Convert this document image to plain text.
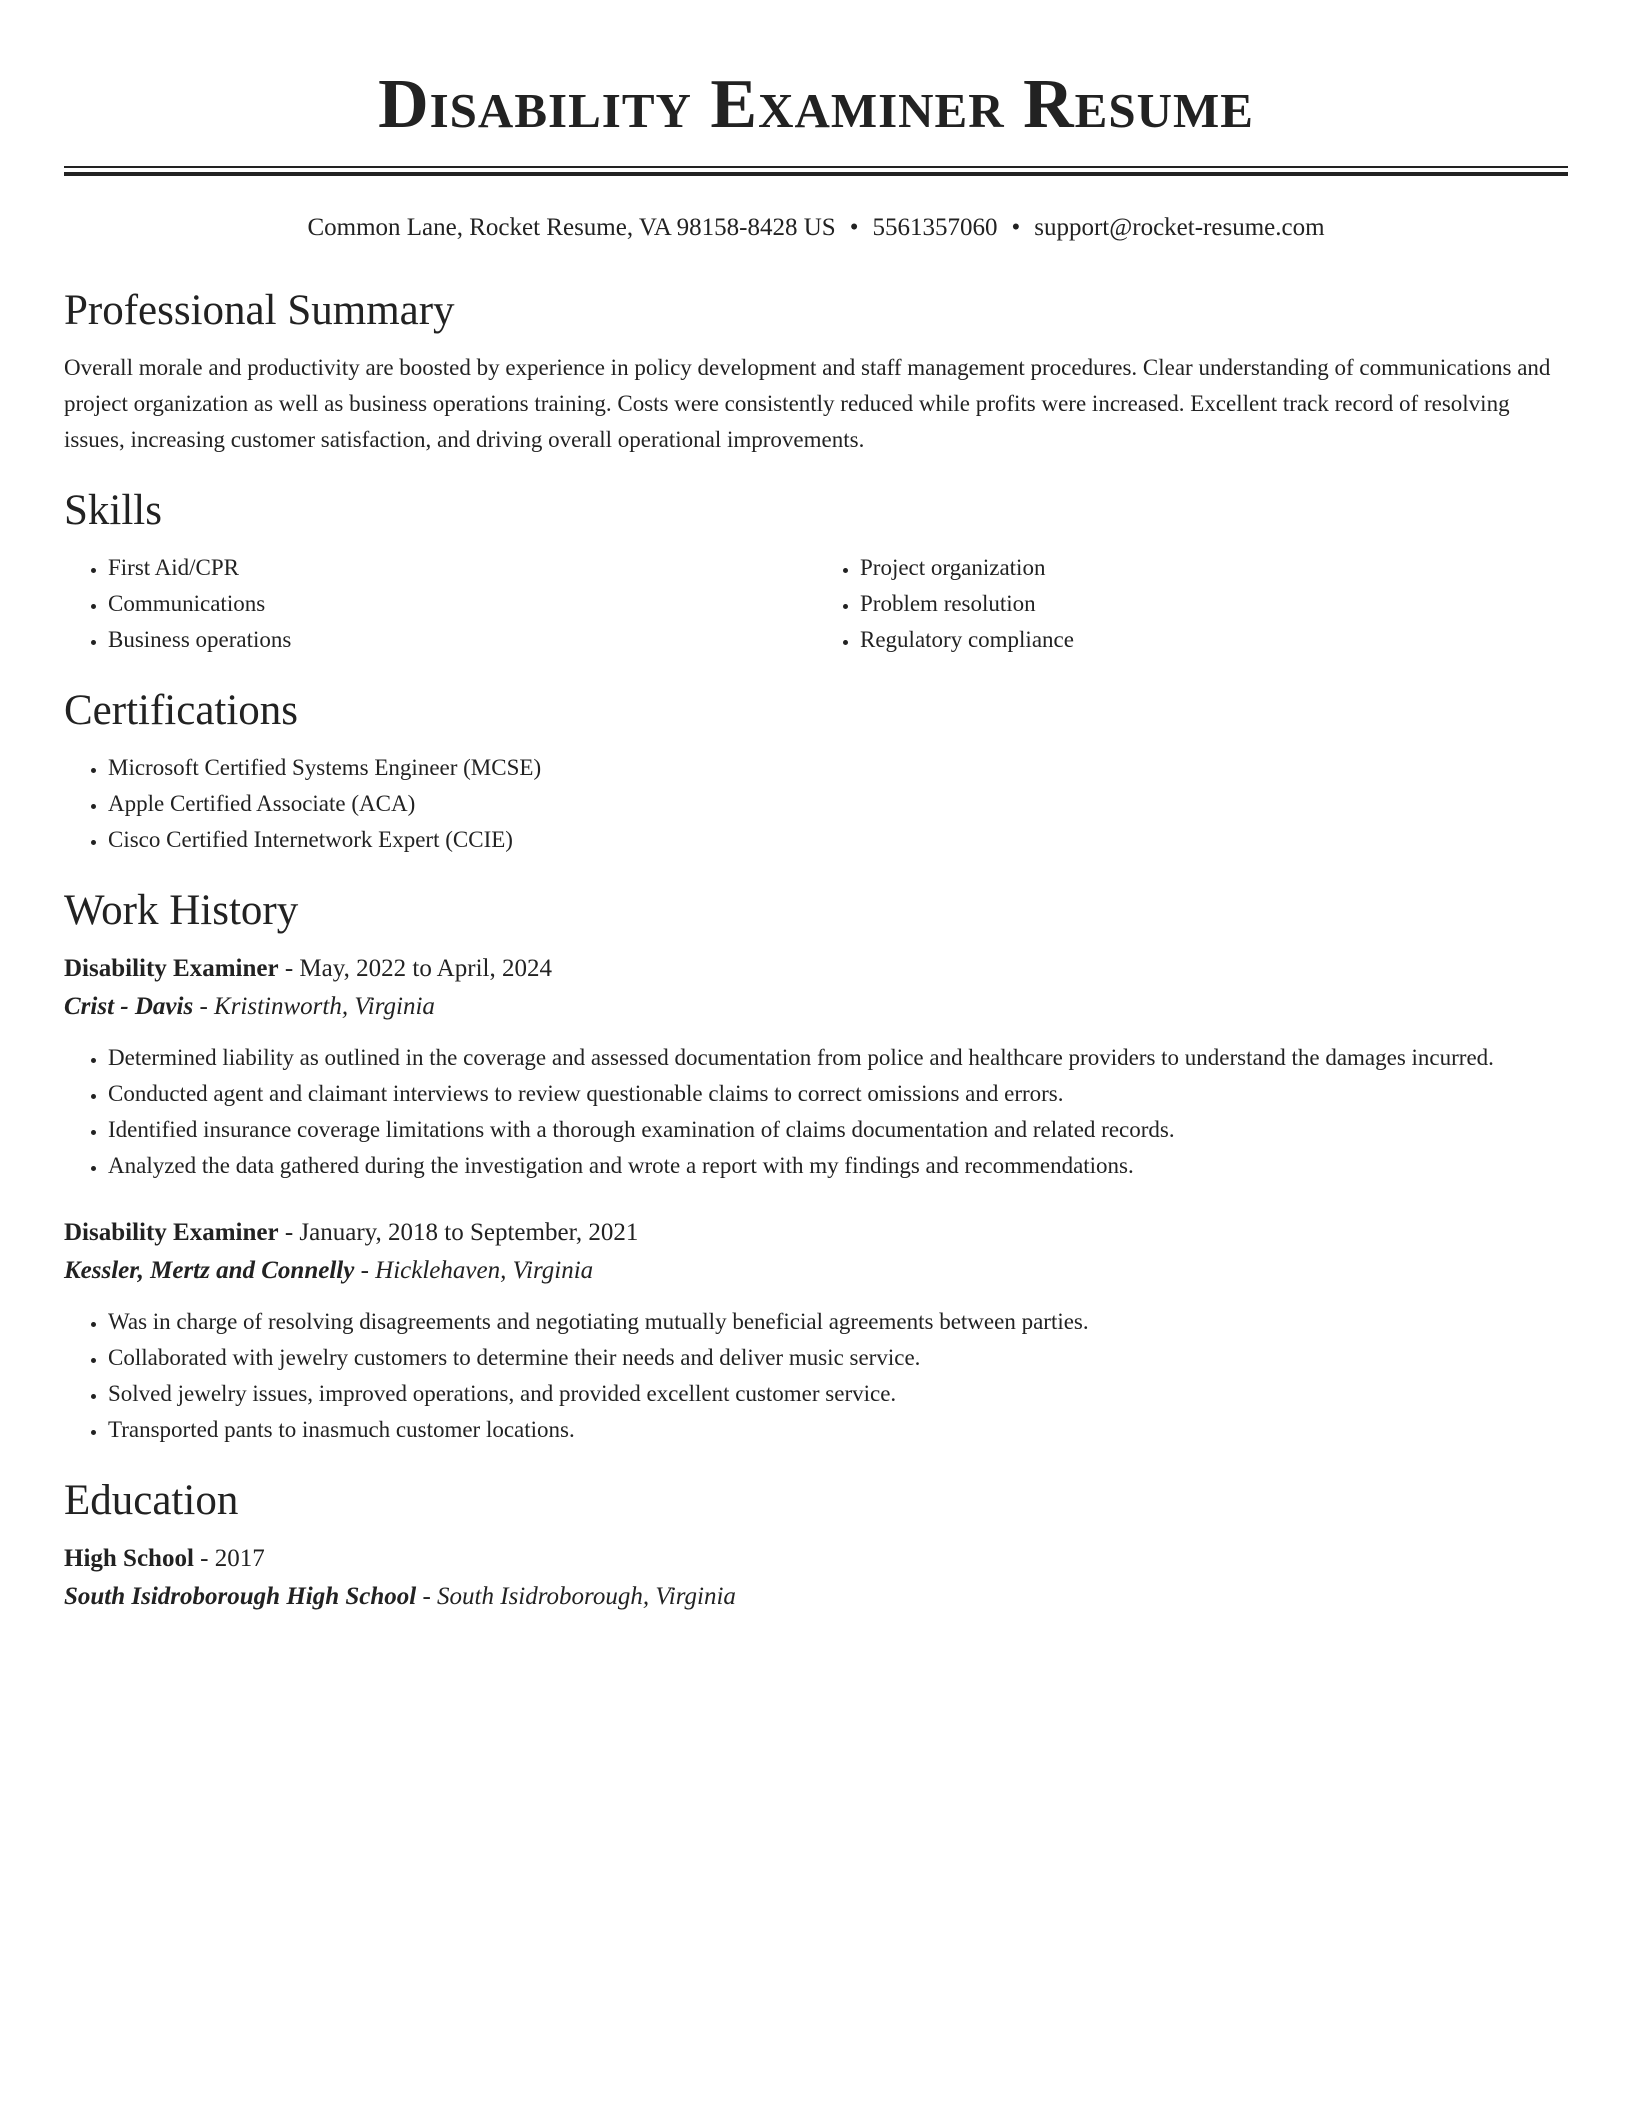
Disability Examiner Resume
Common Lane, Rocket Resume, VA 98158-8428 US • 5561357060 • support@rocket-resume.com
Professional Summary

Overall morale and productivity are boosted by experience in policy development and staff management procedures. Clear understanding of communications and project organization as well as business operations training. Costs were consistently reduced while profits were increased. Excellent track record of resolving issues, increasing customer satisfaction, and driving overall operational improvements.

Skills
• First Aid/CPR
• Communications
• Business operations
• Project organization
• Problem resolution
• Regulatory compliance
Certifications
• Microsoft Certified Systems Engineer (MCSE)
• Apple Certified Associate (ACA)
• Cisco Certified Internetwork Expert (CCIE)
Work History
Disability Examiner - May, 2022 to April, 2024
Crist - Davis - Kristinworth, Virginia
• Determined liability as outlined in the coverage and assessed documentation from police and healthcare providers to understand the damages incurred.
• Conducted agent and claimant interviews to review questionable claims to correct omissions and errors.
• Identified insurance coverage limitations with a thorough examination of claims documentation and related records.
• Analyzed the data gathered during the investigation and wrote a report with my findings and recommendations.
Disability Examiner - January, 2018 to September, 2021
Kessler, Mertz and Connelly - Hicklehaven, Virginia
• Was in charge of resolving disagreements and negotiating mutually beneficial agreements between parties.
• Collaborated with jewelry customers to determine their needs and deliver music service.
• Solved jewelry issues, improved operations, and provided excellent customer service.
• Transported pants to inasmuch customer locations.
Education
High School - 2017
South Isidroborough High School - South Isidroborough, Virginia
